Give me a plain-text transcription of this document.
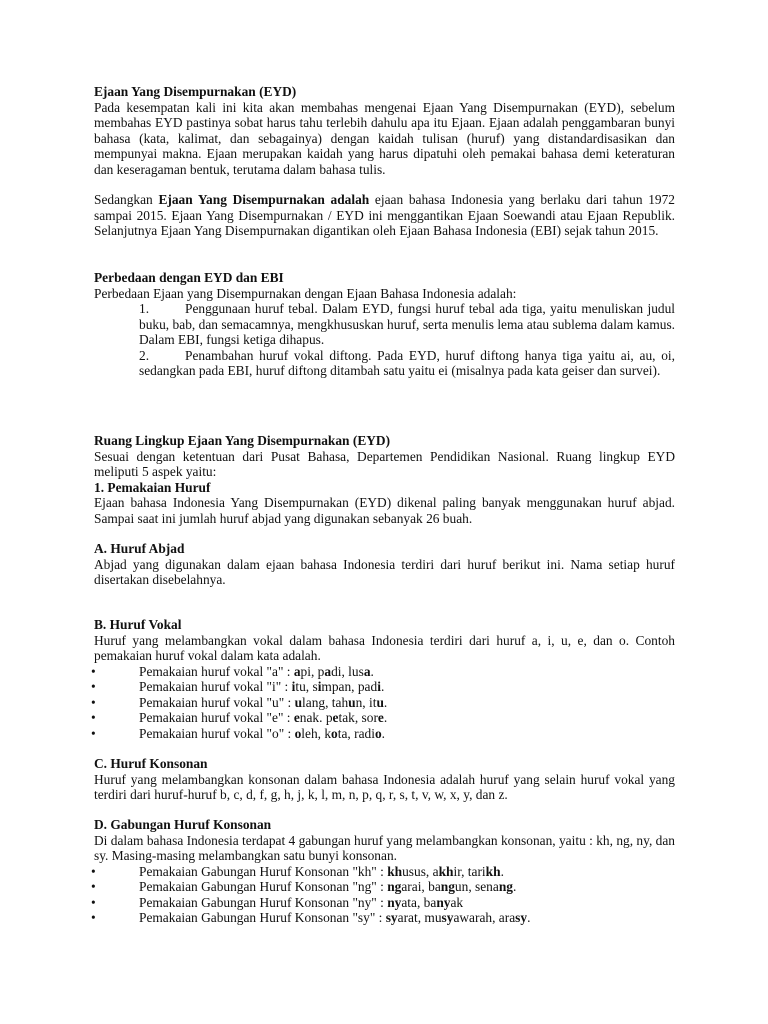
Ejaan Yang Disempurnakan (EYD)

Pada kesempatan kali ini kita akan membahas mengenai Ejaan Yang Disempurnakan (EYD), sebelum membahas EYD pastinya sobat harus tahu terlebih dahulu apa itu Ejaan. Ejaan adalah penggambaran bunyi bahasa (kata, kalimat, dan sebagainya) dengan kaidah tulisan (huruf) yang distandardisasikan dan mempunyai makna. Ejaan merupakan kaidah yang harus dipatuhi oleh pemakai bahasa demi keteraturan dan keseragaman bentuk, terutama dalam bahasa tulis.

Sedangkan Ejaan Yang Disempurnakan adalah ejaan bahasa Indonesia yang berlaku dari tahun 1972 sampai 2015. Ejaan Yang Disempurnakan / EYD ini menggantikan Ejaan Soewandi atau Ejaan Republik. Selanjutnya Ejaan Yang Disempurnakan digantikan oleh Ejaan Bahasa Indonesia (EBI) sejak tahun 2015.
Perbedaan dengan EYD dan EBI
Perbedaan Ejaan yang Disempurnakan dengan Ejaan Bahasa Indonesia adalah:
1.	Penggunaan huruf tebal. Dalam EYD, fungsi huruf tebal ada tiga, yaitu menuliskan judul buku, bab, dan semacamnya, mengkhususkan huruf, serta menulis lema atau sublema dalam kamus. Dalam EBI, fungsi ketiga dihapus.
2.	Penambahan huruf vokal diftong. Pada EYD, huruf diftong hanya tiga yaitu ai, au, oi, sedangkan pada EBI, huruf diftong ditambah satu yaitu ei (misalnya pada kata geiser dan survei).
Ruang Lingkup Ejaan Yang Disempurnakan (EYD)
Sesuai dengan ketentuan dari Pusat Bahasa, Departemen Pendidikan Nasional. Ruang lingkup EYD meliputi 5 aspek yaitu:
1. Pemakaian Huruf
Ejaan bahasa Indonesia Yang Disempurnakan (EYD) dikenal paling banyak menggunakan huruf abjad. Sampai saat ini jumlah huruf abjad yang digunakan sebanyak 26 buah.
A. Huruf Abjad
Abjad yang digunakan dalam ejaan bahasa Indonesia terdiri dari huruf berikut ini. Nama setiap huruf disertakan disebelahnya.
B. Huruf Vokal
Huruf yang melambangkan vokal dalam bahasa Indonesia terdiri dari huruf a, i, u, e, dan o. Contoh pemakaian huruf vokal dalam kata adalah.
•	Pemakaian huruf vokal "a" : api, padi, lusa.
•	Pemakaian huruf vokal "i" : itu, simpan, padi.
•	Pemakaian huruf vokal "u" : ulang, tahun, itu.
•	Pemakaian huruf vokal "e" : enak. petak, sore.
•	Pemakaian huruf vokal "o" : oleh, kota, radio.
C. Huruf Konsonan
Huruf yang melambangkan konsonan dalam bahasa Indonesia adalah huruf yang selain huruf vokal yang terdiri dari huruf-huruf b, c, d, f, g, h, j, k, l, m, n, p, q, r, s, t, v, w, x, y, dan z.
D. Gabungan Huruf Konsonan
Di dalam bahasa Indonesia terdapat 4 gabungan huruf yang melambangkan konsonan, yaitu : kh, ng, ny, dan sy. Masing-masing melambangkan satu bunyi konsonan.
•	Pemakaian Gabungan Huruf Konsonan "kh" : khusus, akhir, tarikh.
•	Pemakaian Gabungan Huruf Konsonan "ng" : ngarai, bangun, senang.
•	Pemakaian Gabungan Huruf Konsonan "ny" : nyata, banyak
•	Pemakaian Gabungan Huruf Konsonan "sy" : syarat, musyawarah, arasy.
